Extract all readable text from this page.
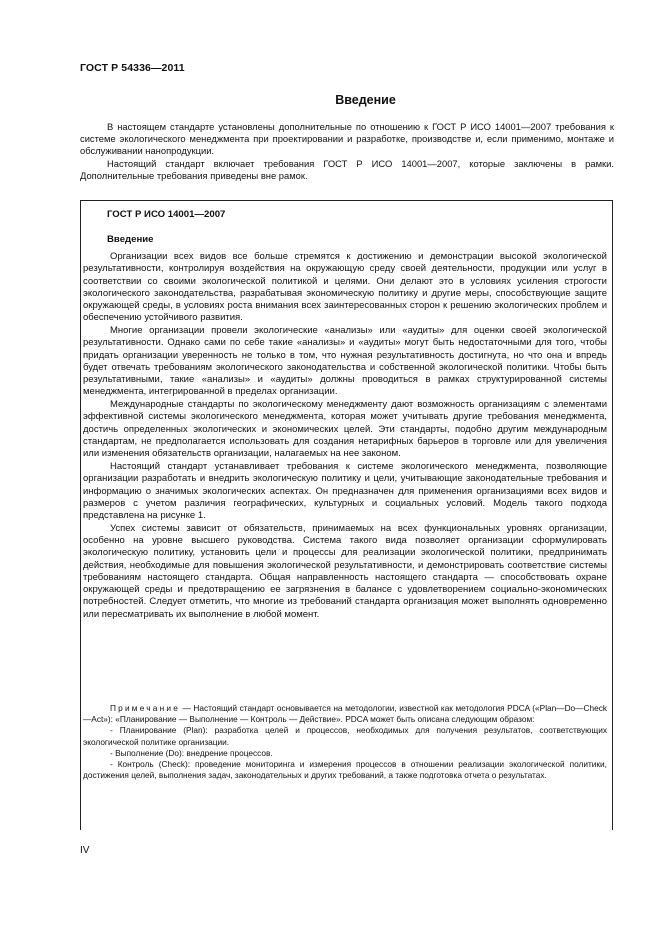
ГОСТ Р 54336—2011
Введение

В настоящем стандарте установлены дополнительные по отношению к ГОСТ Р ИСО 14001—2007 требования к системе экологического менеджмента при проектировании и разработке, производстве и, если применимо, монтаже и обслуживании нанопродукции.

Настоящий стандарт включает требования ГОСТ Р ИСО 14001—2007, которые заключены в рамки. Дополнительные требования приведены вне рамок.

ГОСТ Р ИСО 14001—2007
Введение

Организации всех видов все больше стремятся к достижению и демонстрации высокой экологической результативности, контролируя воздействия на окружающую среду своей деятельности, продукции или услуг в соответствии со своими экологической политикой и целями. Они делают это в условиях усиления строгости экологического законодательства, разрабатывая экономическую политику и другие меры, способствующие защите окружающей среды, в условиях роста внимания всех заинтересованных сторон к решению экологических проблем и обеспечению устойчивого развития.

Многие организации провели экологические «анализы» или «аудиты» для оценки своей экологической результативности. Однако сами по себе такие «анализы» и «аудиты» могут быть недостаточными для того, чтобы придать организации уверенность не только в том, что нужная результативность достигнута, но что она и впредь будет отвечать требованиям экологического законодательства и собственной экологической политики. Чтобы быть результативными, такие «анализы» и «аудиты» должны проводиться в рамках структурированной системы менеджмента, интегрированной в пределах организации.

Международные стандарты по экологическому менеджменту дают возможность организациям с элементами эффективной системы экологического менеджмента, которая может учитывать другие требования менеджмента, достичь определенных экологических и экономических целей. Эти стандарты, подобно другим международным стандартам, не предполагается использовать для создания нетарифных барьеров в торговле или для увеличения или изменения обязательств организации, налагаемых на нее законом.

Настоящий стандарт устанавливает требования к системе экологического менеджмента, позволяющие организации разработать и внедрить экологическую политику и цели, учитывающие законодательные требования и информацию о значимых экологических аспектах. Он предназначен для применения организациями всех видов и размеров с учетом различия географических, культурных и социальных условий. Модель такого подхода представлена на рисунке 1.

Успех системы зависит от обязательств, принимаемых на всех функциональных уровнях организации, особенно на уровне высшего руководства. Система такого вида позволяет организации сформулировать экологическую политику, установить цели и процессы для реализации экологической политики, предпринимать действия, необходимые для повышения экологической результативности, и демонстрировать соответствие системы требованиям настоящего стандарта. Общая направленность настоящего стандарта — способствовать охране окружающей среды и предотвращению ее загрязнения в балансе с удовлетворением социально-экономических потребностей. Следует отметить, что многие из требований стандарта организация может выполнять одновременно или пересматривать их выполнение в любой момент.

Примечание — Настоящий стандарт основывается на методологии, известной как методология PDCA («Plan—Do—Check—Act»): «Планирование — Выполнение — Контроль — Действие». PDCA может быть описана следующим образом:

- Планирование (Plan): разработка целей и процессов, необходимых для получения результатов, соответствующих экологической политике организации.

- Выполнение (Do): внедрение процессов.

- Контроль (Check): проведение мониторинга и измерения процессов в отношении реализации экологической политики, достижения целей, выполнения задач, законодательных и других требований, а также подготовка отчета о результатах.

IV
